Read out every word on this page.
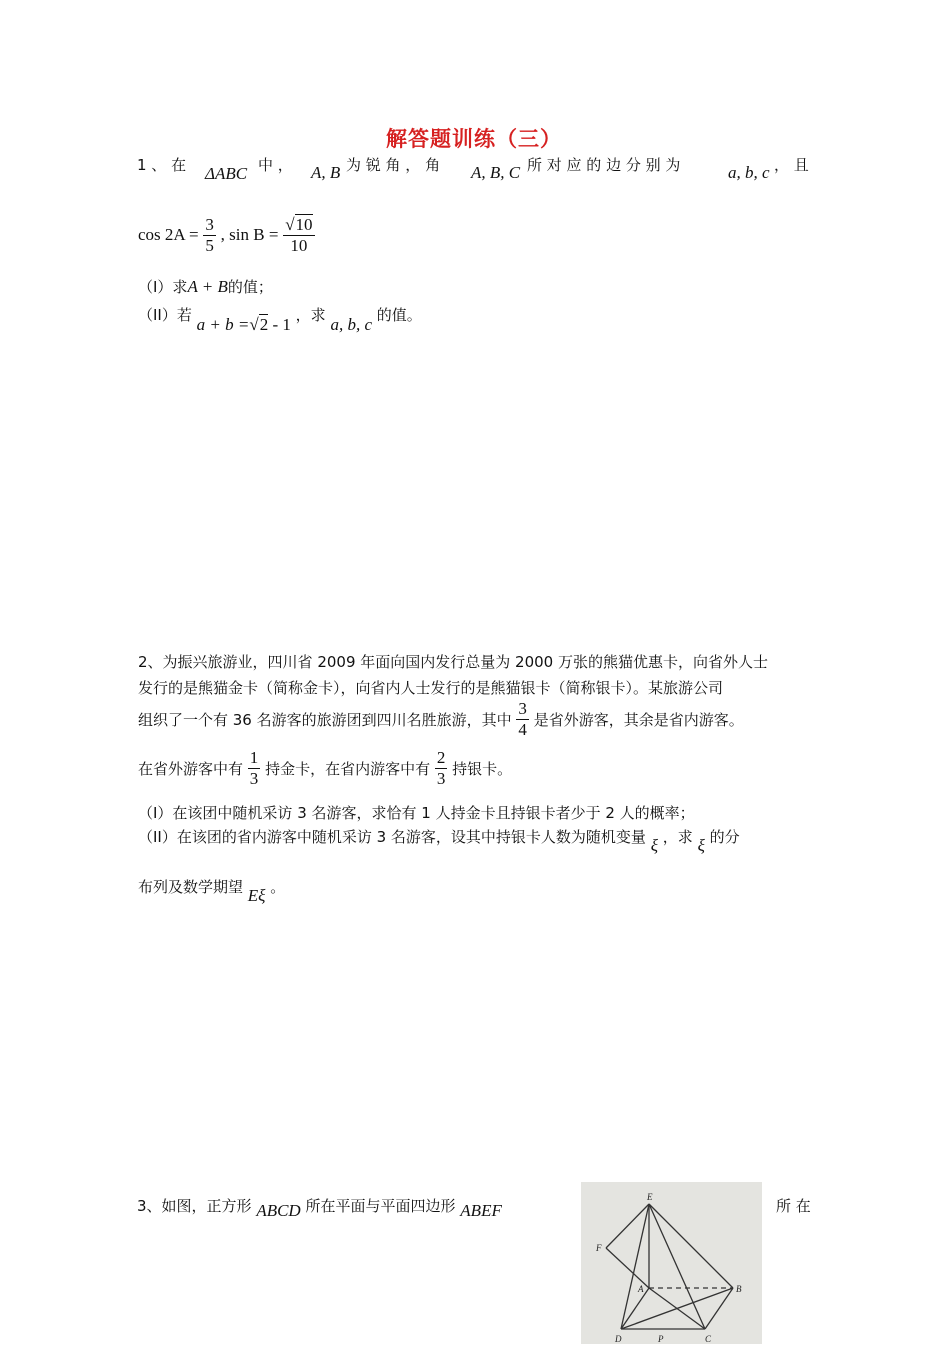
解答题训练（三）
1 、 在 ΔABC 中 ， A, B 为 锐 角 ， 角 A, B, C 所 对 应 的 边 分 别 为	a, b, c ， 且
$\cos 2A = \frac{3}{5}$ , $\sin B = \frac{√10}{10}$
（I）求A + B的值；
（II）若 a + b =√2 - 1 ，求 a, b, c 的值。
2、为振兴旅游业，四川省 2009 年面向国内发行总量为 2000 万张的熊猫优惠卡，向省外人士
发行的是熊猫金卡（简称金卡），向省内人士发行的是熊猫银卡（简称银卡）。某旅游公司
组织了一个有 36 名游客的旅游团到四川名胜旅游，其中 $\frac{3}{4}$ 是省外游客，其余是省内游客。
在省外游客中有 $\frac{1}{3}$ 持金卡，在省内游客中有 $\frac{2}{3}$ 持银卡。
（I）在该团中随机采访 3 名游客，求恰有 1 人持金卡且持银卡者少于 2 人的概率；
（II）在该团的省内游客中随机采访 3 名游客，设其中持银卡人数为随机变量 ξ ，求 ξ 的分
布列及数学期望 Eξ 。
3、如图，正方形 ABCD 所在平面与平面四边形 ABEF	所 在
E
F
A	B
D	P	C
